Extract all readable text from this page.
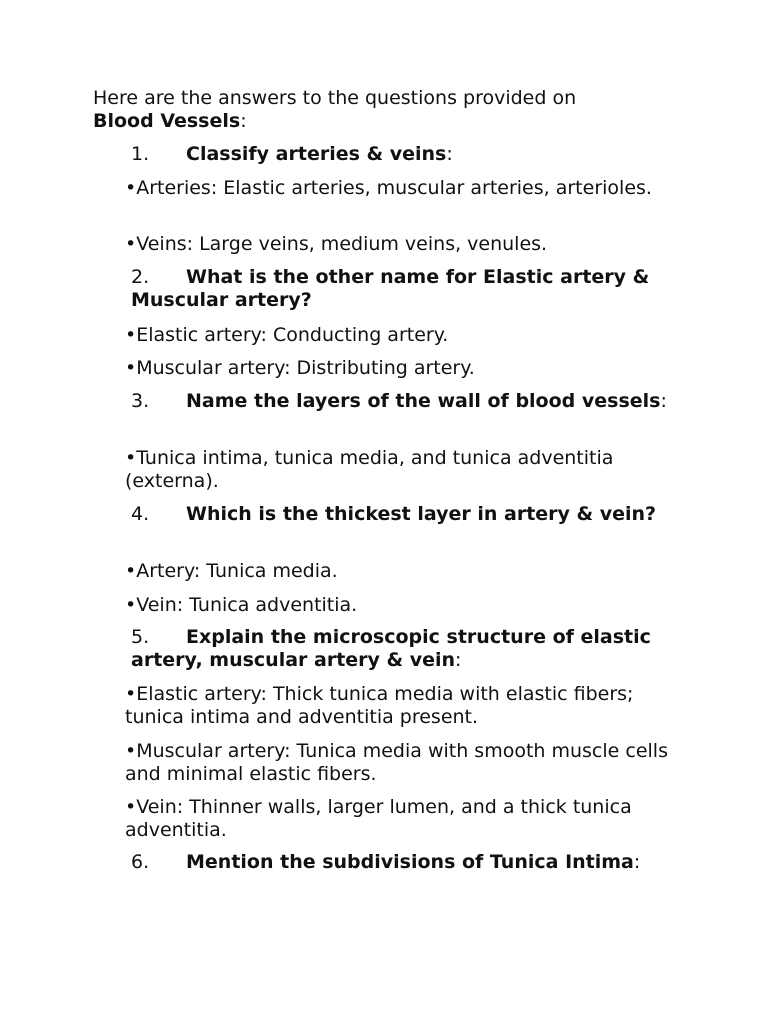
Here are the answers to the questions provided on
Blood Vessels:
1. Classify arteries & veins:
•Arteries: Elastic arteries, muscular arteries, arterioles.
•Veins: Large veins, medium veins, venules.
2. What is the other name for Elastic artery & Muscular artery?
•Elastic artery: Conducting artery.
•Muscular artery: Distributing artery.
3. Name the layers of the wall of blood vessels:
•Tunica intima, tunica media, and tunica adventitia (externa).
4. Which is the thickest layer in artery & vein?
•Artery: Tunica media.
•Vein: Tunica adventitia.
5. Explain the microscopic structure of elastic artery, muscular artery & vein:
•Elastic artery: Thick tunica media with elastic fibers; tunica intima and adventitia present.
•Muscular artery: Tunica media with smooth muscle cells and minimal elastic fibers.
•Vein: Thinner walls, larger lumen, and a thick tunica adventitia.
6. Mention the subdivisions of Tunica Intima:
